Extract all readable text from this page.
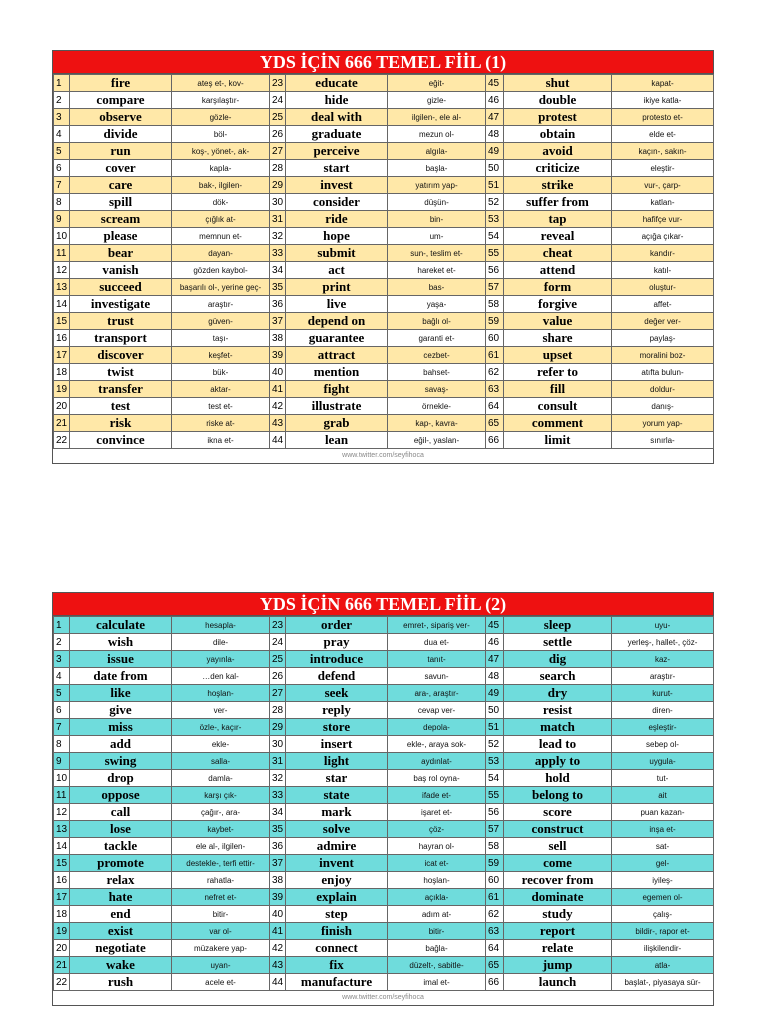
YDS İÇİN 666 TEMEL FİİL (1)
1	fire	ateş et-, kov-	23	educate	eğit-	45	shut	kapat-
2	compare	karşılaştır-	24	hide	gizle-	46	double	ikiye katla-
3	observe	gözle-	25	deal with	ilgilen-, ele al-	47	protest	protesto et-
4	divide	böl-	26	graduate	mezun ol-	48	obtain	elde et-
5	run	koş-, yönet-, ak-	27	perceive	algıla-	49	avoid	kaçın-, sakın-
6	cover	kapla-	28	start	başla-	50	criticize	eleştir-
7	care	bak-, ilgilen-	29	invest	yatırım yap-	51	strike	vur-, çarp-
8	spill	dök-	30	consider	düşün-	52	suffer from	katlan-
9	scream	çığlık at-	31	ride	bin-	53	tap	hafifçe vur-
10	please	memnun et-	32	hope	um-	54	reveal	açığa çıkar-
11	bear	dayan-	33	submit	sun-, teslim et-	55	cheat	kandır-
12	vanish	gözden kaybol-	34	act	hareket et-	56	attend	katıl-
13	succeed	başarılı ol-, yerine geç-	35	print	bas-	57	form	oluştur-
14	investigate	araştır-	36	live	yaşa-	58	forgive	affet-
15	trust	güven-	37	depend on	bağlı ol-	59	value	değer ver-
16	transport	taşı-	38	guarantee	garanti et-	60	share	paylaş-
17	discover	keşfet-	39	attract	cezbet-	61	upset	moralini boz-
18	twist	bük-	40	mention	bahset-	62	refer to	atıfta bulun-
19	transfer	aktar-	41	fight	savaş-	63	fill	doldur-
20	test	test et-	42	illustrate	örnekle-	64	consult	danış-
21	risk	riske at-	43	grab	kap-, kavra-	65	comment	yorum yap-
22	convince	ikna et-	44	lean	eğil-, yaslan-	66	limit	sınırla-
www.twitter.com/seyfihoca
YDS İÇİN 666 TEMEL FİİL (2)
1	calculate	hesapla-	23	order	emret-, sipariş ver-	45	sleep	uyu-
2	wish	dile-	24	pray	dua et-	46	settle	yerleş-, hallet-, çöz-
3	issue	yayınla-	25	introduce	tanıt-	47	dig	kaz-
4	date from	…den kal-	26	defend	savun-	48	search	araştır-
5	like	hoşlan-	27	seek	ara-, araştır-	49	dry	kurut-
6	give	ver-	28	reply	cevap ver-	50	resist	diren-
7	miss	özle-, kaçır-	29	store	depola-	51	match	eşleştir-
8	add	ekle-	30	insert	ekle-, araya sok-	52	lead to	sebep ol-
9	swing	salla-	31	light	aydınlat-	53	apply to	uygula-
10	drop	damla-	32	star	baş rol oyna-	54	hold	tut-
11	oppose	karşı çık-	33	state	ifade et-	55	belong to	ait
12	call	çağır-, ara-	34	mark	işaret et-	56	score	puan kazan-
13	lose	kaybet-	35	solve	çöz-	57	construct	inşa et-
14	tackle	ele al-, ilgilen-	36	admire	hayran ol-	58	sell	sat-
15	promote	destekle-, terfi ettir-	37	invent	icat et-	59	come	gel-
16	relax	rahatla-	38	enjoy	hoşlan-	60	recover from	iyileş-
17	hate	nefret et-	39	explain	açıkla-	61	dominate	egemen ol-
18	end	bitir-	40	step	adım at-	62	study	çalış-
19	exist	var ol-	41	finish	bitir-	63	report	bildir-, rapor et-
20	negotiate	müzakere yap-	42	connect	bağla-	64	relate	ilişkilendir-
21	wake	uyan-	43	fix	düzelt-, sabitle-	65	jump	atla-
22	rush	acele et-	44	manufacture	imal et-	66	launch	başlat-, piyasaya sür-
www.twitter.com/seyfihoca
